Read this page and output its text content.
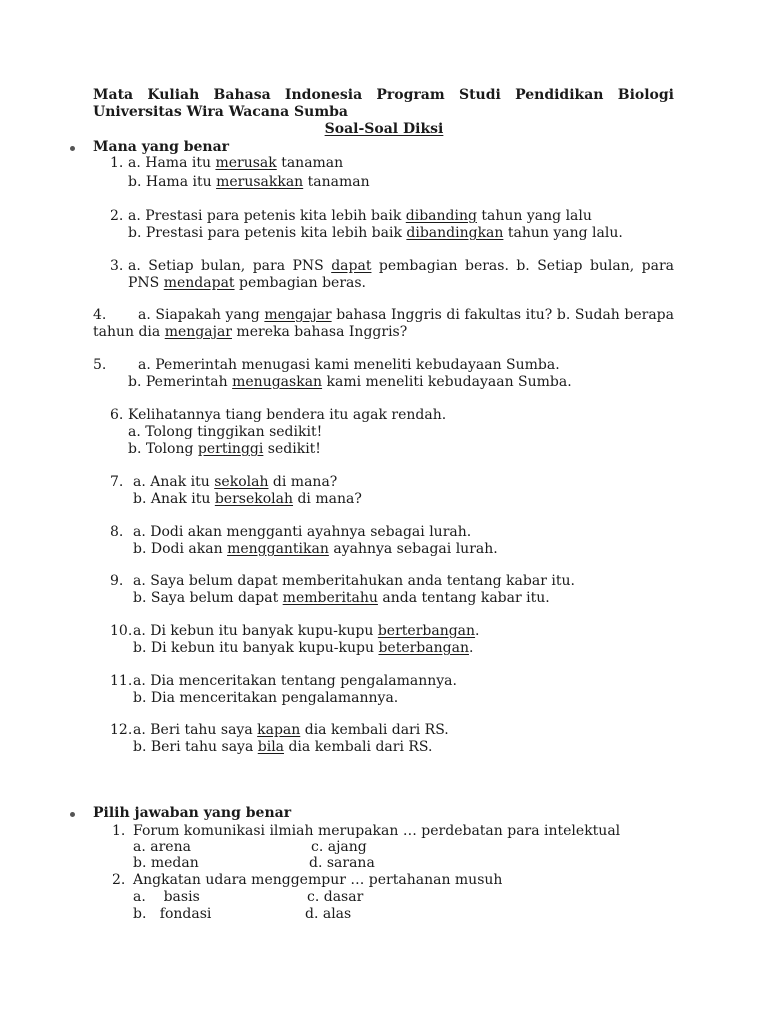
Mata Kuliah Bahasa Indonesia Program Studi Pendidikan Biologi
Universitas Wira Wacana Sumba
Soal-Soal Diksi
Mana yang benar
1. a. Hama itu merusak tanaman
b. Hama itu merusakkan tanaman
2. a. Prestasi para petenis kita lebih baik dibanding tahun yang lalu
b. Prestasi para petenis kita lebih baik dibandingkan tahun yang lalu.
3. a. Setiap bulan, para PNS dapat pembagian beras. b. Setiap bulan, para
PNS mendapat pembagian beras.
4. a. Siapakah yang mengajar bahasa Inggris di fakultas itu? b. Sudah berapa
tahun dia mengajar mereka bahasa Inggris?
5. a. Pemerintah menugasi kami meneliti kebudayaan Sumba.
b. Pemerintah menugaskan kami meneliti kebudayaan Sumba.
6. Kelihatannya tiang bendera itu agak rendah.
a. Tolong tinggikan sedikit!
b. Tolong pertinggi sedikit!
7. a. Anak itu sekolah di mana?
b. Anak itu bersekolah di mana?
8. a. Dodi akan mengganti ayahnya sebagai lurah.
b. Dodi akan menggantikan ayahnya sebagai lurah.
9. a. Saya belum dapat memberitahukan anda tentang kabar itu.
b. Saya belum dapat memberitahu anda tentang kabar itu.
10. a. Di kebun itu banyak kupu-kupu berterbangan.
b. Di kebun itu banyak kupu-kupu beterbangan.
11. a. Dia menceritakan tentang pengalamannya.
b. Dia menceritakan pengalamannya.
12. a. Beri tahu saya kapan dia kembali dari RS.
b. Beri tahu saya bila dia kembali dari RS.
Pilih jawaban yang benar
1. Forum komunikasi ilmiah merupakan … perdebatan para intelektual
a. arena	c. ajang
b. medan	d. sarana
2. Angkatan udara menggempur … pertahanan musuh
a.    basis	c. dasar
b.   fondasi	d. alas
